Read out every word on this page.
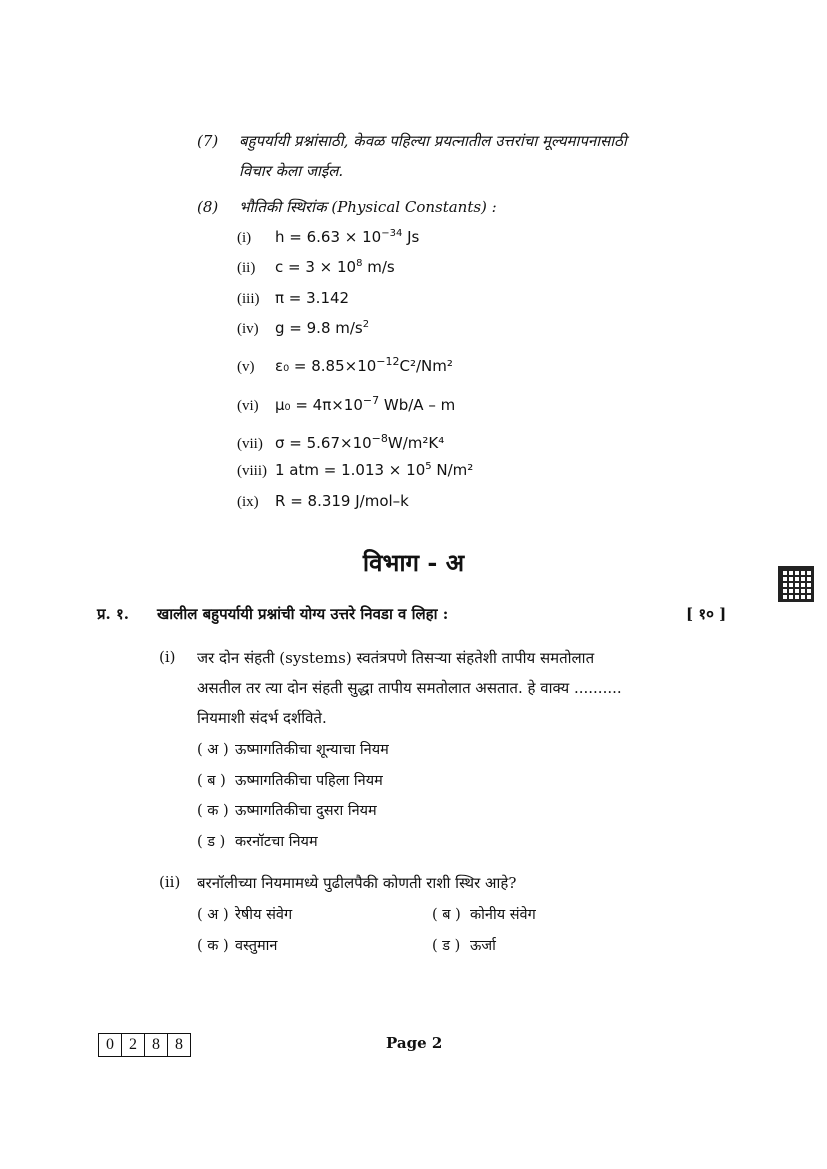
(7) बहुपर्यायी प्रश्नांसाठी, केवळ पहिल्या प्रयत्नातील उत्तरांचा मूल्यमापनासाठी
विचार केला जाईल.
(8) भौतिकी स्थिरांक (Physical Constants) :
(i) $h = 6.63 \times 10^{-34}$ Js
(ii) $c = 3 \times 10^8$ m/s
(iii) π = 3.142
(iv) g = 9.8 $m/s^2$
(v) $\varepsilon_0 = 8.85\times 10^{-12}C^2$/Nm²
(vi) $\mu_0 = 4\pi\times 10^{-7}$ Wb/A – m
(vii) $\sigma = 5.67\times 10^{-8}W$/m²K⁴
(viii) 1 atm = $1.013 \times 10^5$ N/m²
(ix) R = 8.319 J/mol–k
विभाग - अ
प्र. १. खालील बहुपर्यायी प्रश्नांची योग्य उत्तरे निवडा व लिहा :	[ १० ]
(i) जर दोन संहती (systems) स्वतंत्रपणे तिसऱ्या संहतेशी तापीय समतोलात
असतील तर त्या दोन संहती सुद्धा तापीय समतोलात असतात. हे वाक्य ..........
नियमाशी संदर्भ दर्शविते.
( अ ) ऊष्मागतिकीचा शून्याचा नियम
( ब ) ऊष्मागतिकीचा पहिला नियम
( क ) ऊष्मागतिकीचा दुसरा नियम
( ड ) करनॉटचा नियम
(ii) बरनॉलीच्या नियमामध्ये पुढीलपैकी कोणती राशी स्थिर आहे?
( अ ) रेषीय संवेग	( ब ) कोनीय संवेग
( क ) वस्तुमान	( ड ) ऊर्जा
0 2 8 8	Page 2
